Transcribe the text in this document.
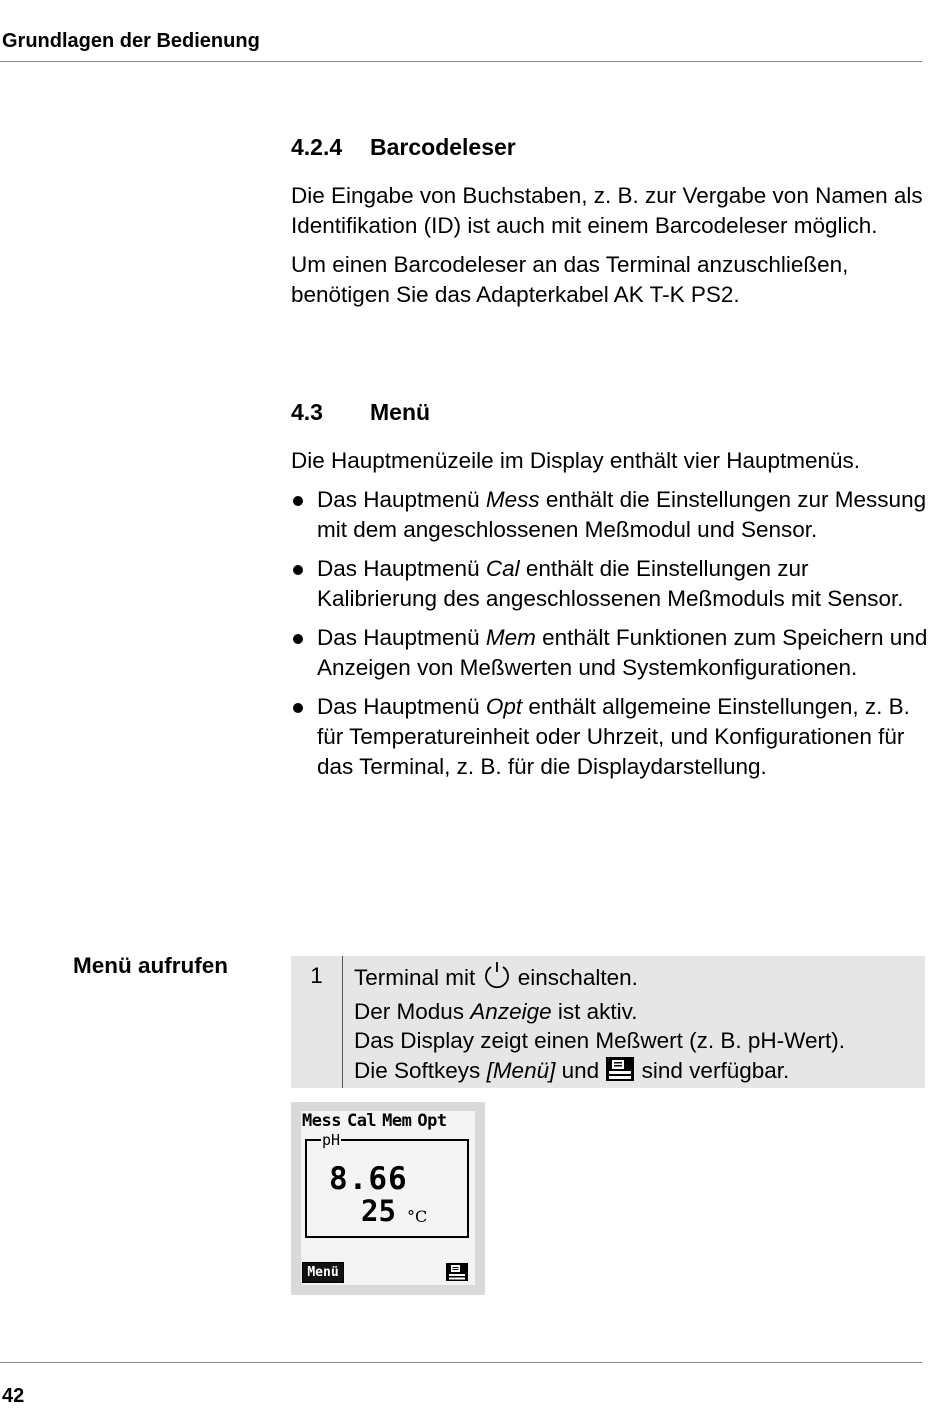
Grundlagen der Bedienung
4.2.4 Barcodeleser

Die Eingabe von Buchstaben, z. B. zur Vergabe von Namen als Identifikation (ID) ist auch mit einem Barcodeleser möglich.

Um einen Barcodeleser an das Terminal anzuschließen, benötigen Sie das Adapterkabel AK T-K PS2.

4.3 Menü

Die Hauptmenüzeile im Display enthält vier Hauptmenüs.

Das Hauptmenü Mess enthält die Einstellungen zur Messung mit dem angeschlossenen Meßmodul und Sensor.
Das Hauptmenü Cal enthält die Einstellungen zur Kalibrierung des angeschlossenen Meßmoduls mit Sensor.
Das Hauptmenü Mem enthält Funktionen zum Speichern und Anzeigen von Meßwerten und Systemkonfigurationen.
Das Hauptmenü Opt enthält allgemeine Einstellungen, z. B. für Temperatureinheit oder Uhrzeit, und Konfigurationen für das Terminal, z. B. für die Displaydarstellung.
Menü aufrufen	1	Terminal mit  einschalten.
Der Modus Anzeige ist aktiv.
Das Display zeigt einen Meßwert (z. B. pH-Wert).
Die Softkeys [Menü] und  sind verfügbar.
Mess Cal Mem Opt
pH
8.66
25 °C
Menü
42
